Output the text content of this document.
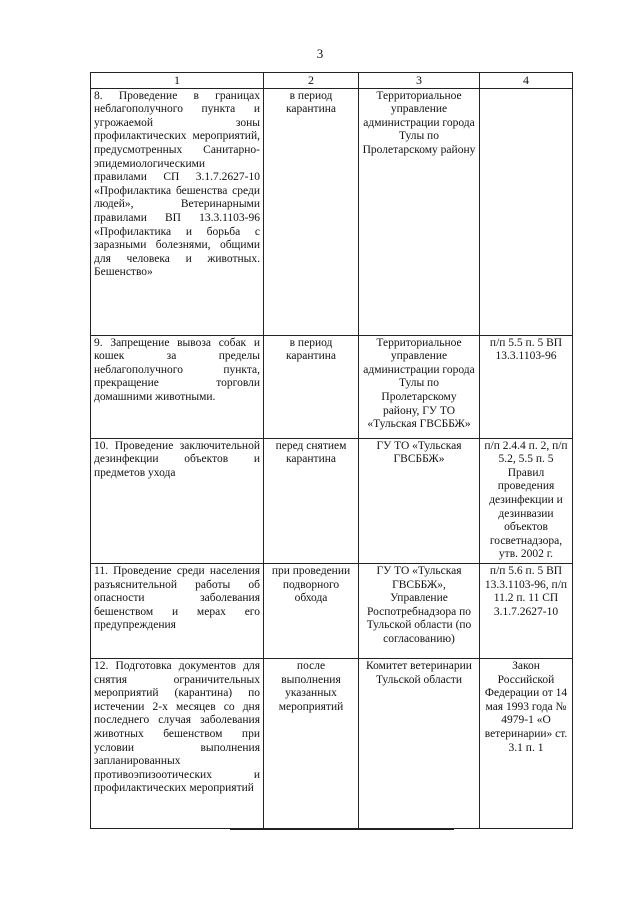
3
1	2	3	4
8. Проведение в границах неблагополучного пункта и угрожаемой зоны профилактических мероприятий, предусмотренных Санитарно-эпидемиологическими правилами СП 3.1.7.2627-10 «Профилактика бешенства среди людей», Ветеринарными правилами ВП 13.3.1103-96 «Профилактика и борьба с заразными болезнями, общими для человека и животных. Бешенство»	в период карантина	Территориальное управление администрации города Тулы по Пролетарскому району	
9. Запрещение вывоза собак и кошек за пределы неблагополучного пункта, прекращение торговли домашними животными.	в период карантина	Территориальное управление администрации города Тулы по Пролетарскому району, ГУ ТО «Тульская ГВСББЖ»	п/п 5.5 п. 5 ВП 13.3.1103-96
10. Проведение заключительной дезинфекции объектов и предметов ухода	перед снятием карантина	ГУ ТО «Тульская ГВСББЖ»	п/п 2.4.4 п. 2, п/п 5.2, 5.5 п. 5 Правил проведения дезинфекции и дезинвазии объектов госветнадзора, утв. 2002 г.
11. Проведение среди населения разъяснительной работы об опасности заболевания бешенством и мерах его предупреждения	при проведении подворного обхода	ГУ ТО «Тульская ГВСББЖ», Управление Роспотребнадзора по Тульской области (по согласованию)	п/п 5.6 п. 5 ВП 13.3.1103-96, п/п 11.2 п. 11 СП 3.1.7.2627-10
12. Подготовка документов для снятия ограничительных мероприятий (карантина) по истечении 2-х месяцев со дня последнего случая заболевания животных бешенством при условии выполнения запланированных противоэпизоотических и профилактических мероприятий	после выполнения указанных мероприятий	Комитет ветеринарии Тульской области	Закон Российской Федерации от 14 мая 1993 года № 4979-1 «О ветеринарии» ст. 3.1 п. 1
